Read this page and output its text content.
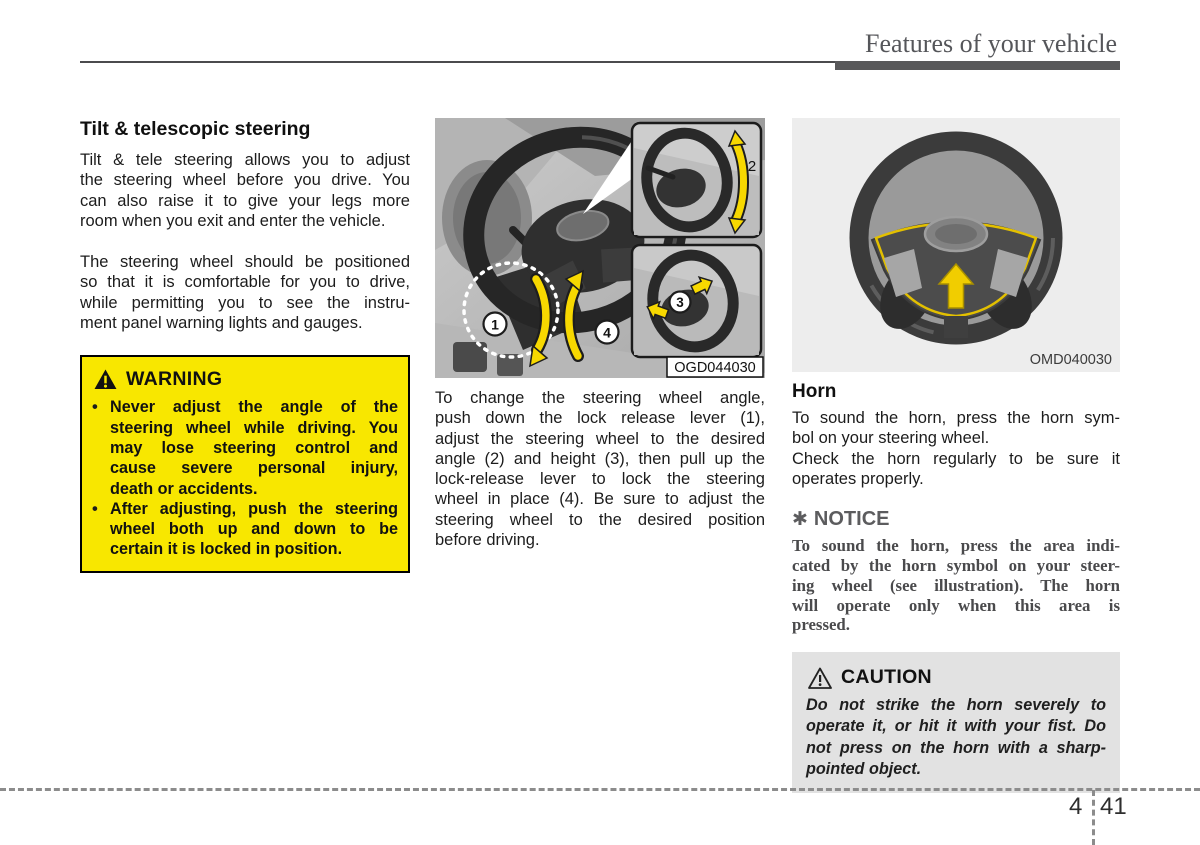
Features of your vehicle
Tilt & telescopic steering
Tilt & tele steering allows you to adjust
the steering wheel before you drive. You
can also raise it to give your legs more
room when you exit and enter the vehicle.
The steering wheel should be positioned
so that it is comfortable for you to drive,
while permitting you to see the instru-
ment panel warning lights and gauges.
WARNING
• Never adjust the angle of the
steering wheel while driving. You
may lose steering control and
cause severe personal injury,
death or accidents.
• After adjusting, push the steering
wheel both up and down to be
certain it is locked in position.
1	4
2
3
OGD044030
To change the steering wheel angle,
push down the lock release lever (1),
adjust the steering wheel to the desired
angle (2) and height (3), then pull up the
lock-release lever to lock the steering
wheel in place (4). Be sure to adjust the
steering wheel to the desired position
before driving.
OMD040030
Horn
To sound the horn, press the horn sym-
bol on your steering wheel.
Check the horn regularly to be sure it
operates properly.
✱ NOTICE
To sound the horn, press the area indi-
cated by the horn symbol on your steer-
ing wheel (see illustration). The horn
will operate only when this area is
pressed.
CAUTION
Do not strike the horn severely to
operate it, or hit it with your fist. Do
not press on the horn with a sharp-
pointed object.
4 41
